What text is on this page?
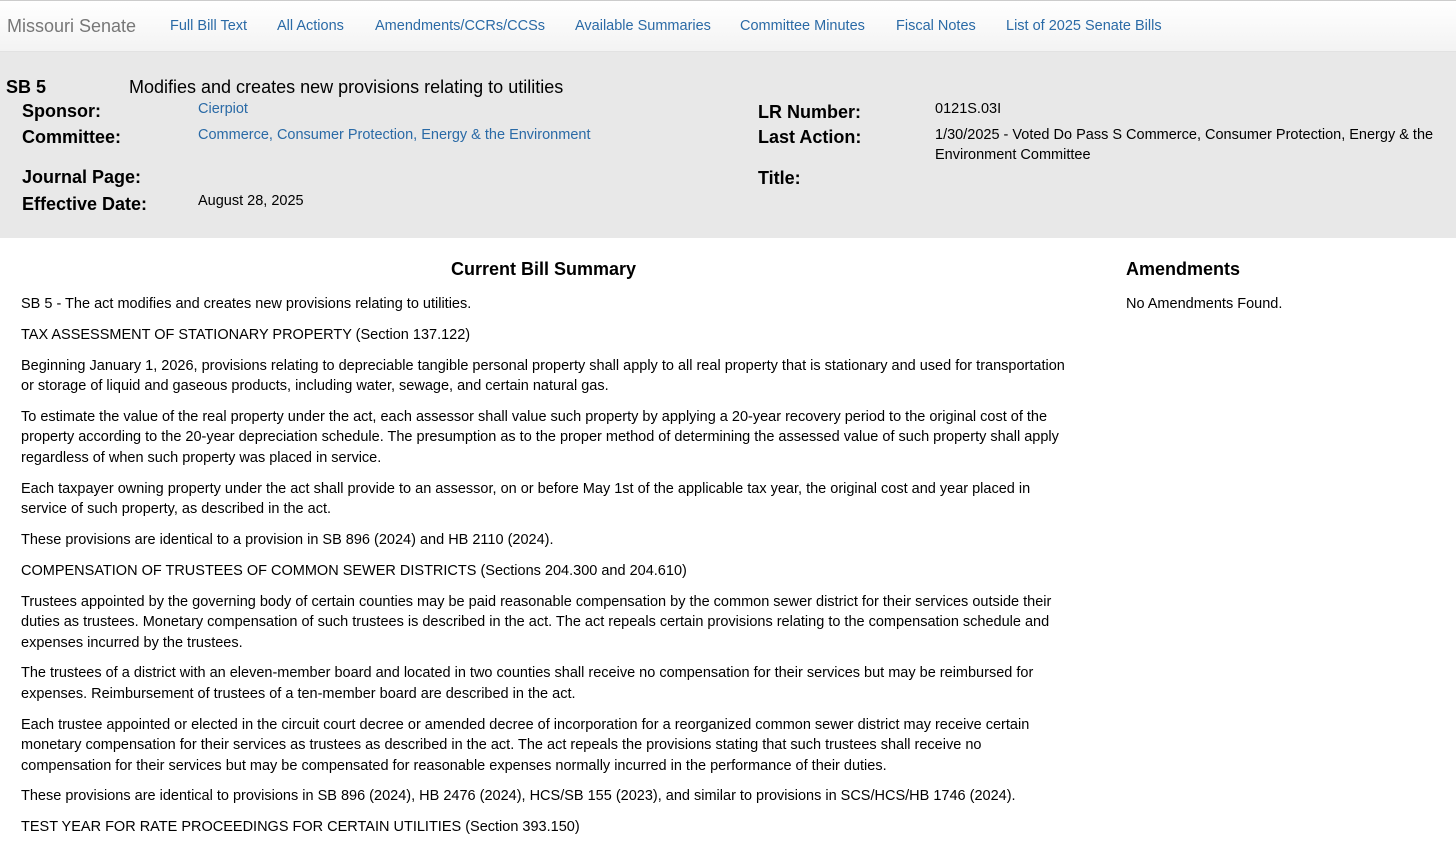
Missouri Senate Full Bill Text All Actions Amendments/CCRs/CCSs Available Summaries Committee Minutes Fiscal Notes List of 2025 Senate Bills
SB 5	Modifies and creates new provisions relating to utilities
Sponsor:	Cierpiot
Committee:	Commerce, Consumer Protection, Energy & the Environment
Journal Page:
Effective Date:	August 28, 2025
LR Number:	0121S.03I
Last Action:	1/30/2025 - Voted Do Pass S Commerce, Consumer Protection, Energy & the Environment Committee
Title:
Current Bill Summary

SB 5 - The act modifies and creates new provisions relating to utilities.

TAX ASSESSMENT OF STATIONARY PROPERTY (Section 137.122)

Beginning January 1, 2026, provisions relating to depreciable tangible personal property shall apply to all real property that is stationary and used for transportation or storage of liquid and gaseous products, including water, sewage, and certain natural gas.

To estimate the value of the real property under the act, each assessor shall value such property by applying a 20-year recovery period to the original cost of the property according to the 20-year depreciation schedule. The presumption as to the proper method of determining the assessed value of such property shall apply regardless of when such property was placed in service.

Each taxpayer owning property under the act shall provide to an assessor, on or before May 1st of the applicable tax year, the original cost and year placed in service of such property, as described in the act.

These provisions are identical to a provision in SB 896 (2024) and HB 2110 (2024).

COMPENSATION OF TRUSTEES OF COMMON SEWER DISTRICTS (Sections 204.300 and 204.610)

Trustees appointed by the governing body of certain counties may be paid reasonable compensation by the common sewer district for their services outside their duties as trustees. Monetary compensation of such trustees is described in the act. The act repeals certain provisions relating to the compensation schedule and expenses incurred by the trustees.

The trustees of a district with an eleven-member board and located in two counties shall receive no compensation for their services but may be reimbursed for expenses. Reimbursement of trustees of a ten-member board are described in the act.

Each trustee appointed or elected in the circuit court decree or amended decree of incorporation for a reorganized common sewer district may receive certain monetary compensation for their services as trustees as described in the act. The act repeals the provisions stating that such trustees shall receive no compensation for their services but may be compensated for reasonable expenses normally incurred in the performance of their duties.

These provisions are identical to provisions in SB 896 (2024), HB 2476 (2024), HCS/SB 155 (2023), and similar to provisions in SCS/HCS/HB 1746 (2024).

TEST YEAR FOR RATE PROCEEDINGS FOR CERTAIN UTILITIES (Section 393.150)

Amendments
No Amendments Found.
